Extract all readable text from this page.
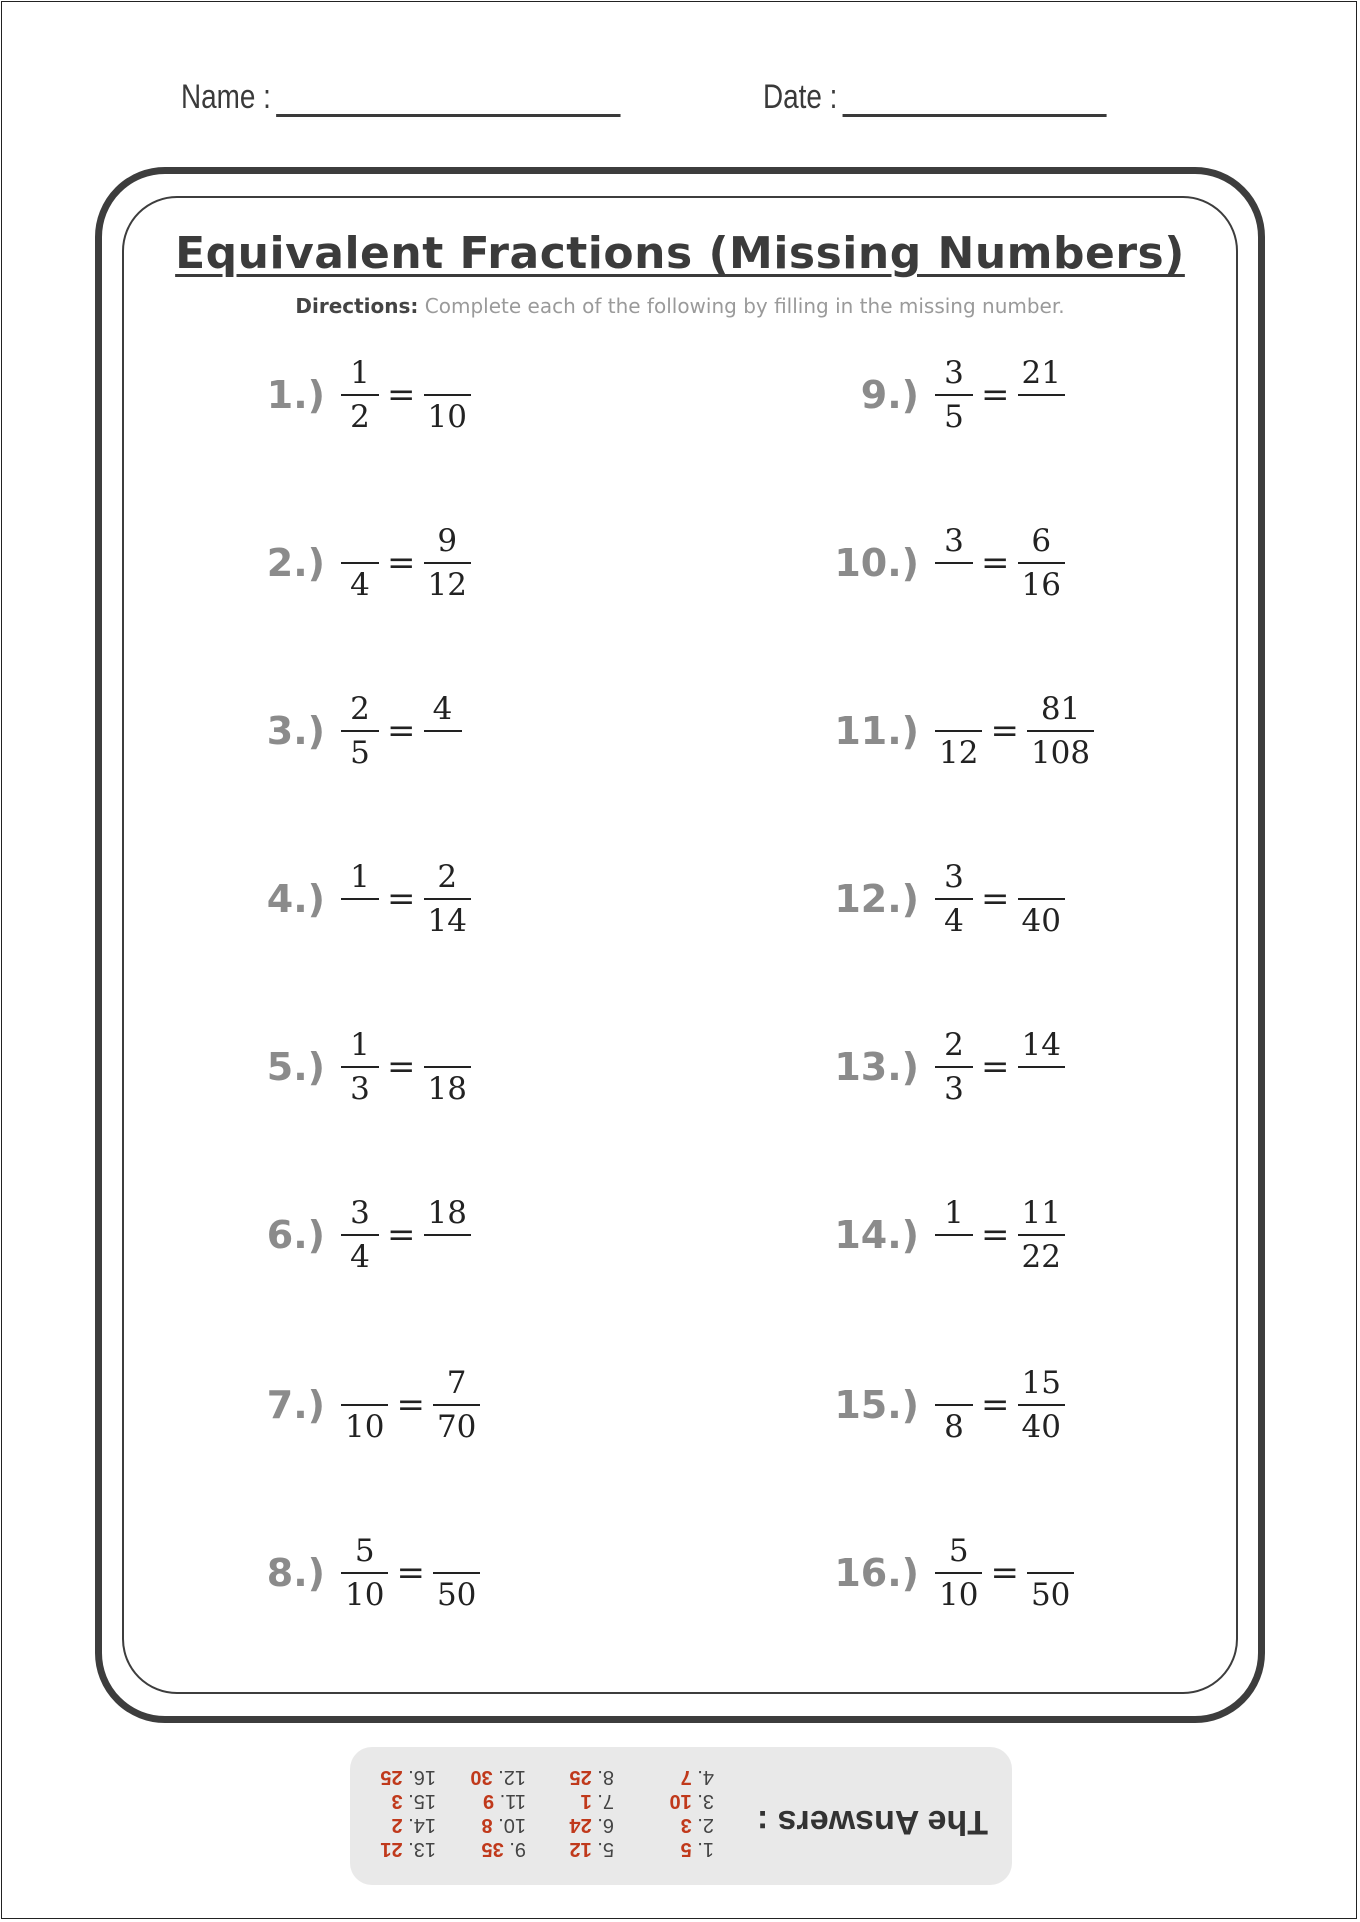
Name :	Date :
Equivalent Fractions (Missing Numbers)
Directions: Complete each of the following by filling in the missing number.
$1.) \frac{1}{2}$ =
10
2.) 4
= $\frac{9}{12}$
$3.) \frac{2}{5}$ =
4
4.) 1
= $\frac{2}{14}$
$5.) \frac{1}{3}$ =
18
$6.) \frac{3}{4}$ =
18
7.) 10
= $\frac{7}{70}$
$8.) \frac{5}{10}$ =
50
$9.) \frac{3}{5}$ =
21
10.) 3
= $\frac{6}{16}$
11.) 12
= $\frac{81}{108}$
$12.) \frac{3}{4}$ =
40
$13.) \frac{2}{3}$ =
14
14.) 1
= $\frac{11}{22}$
15.) 8
= $\frac{15}{40}$
$16.) \frac{5}{10}$ =
50
The Answers :
1. 5
2. 3
3. 10
4. 7
5. 12
6. 24
7. 1
8. 25
9. 35
10. 8
11. 9
12. 30
13. 21
14. 2
15. 3
16. 25
